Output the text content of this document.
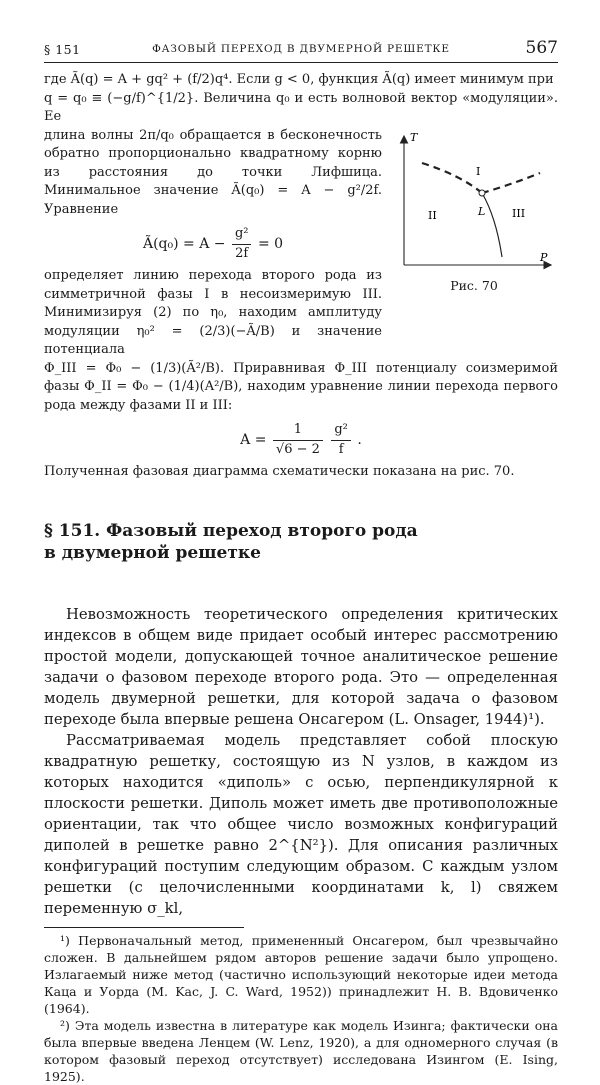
§ 151	ФАЗОВЫЙ ПЕРЕХОД В ДВУМЕРНОЙ РЕШЕТКЕ	567

где Ã(q) = A + gq² + (f/2)q⁴. Если g < 0, функция Ã(q) имеет минимум при

q = q₀ ≡ (−g/f)^{1/2}. Величина q₀ и есть волновой вектор «модуляции». Ее

длина волны 2π/q₀ обращается в бесконечность обратно пропорционально квадратному корню из расстояния до точки Лифшица. Минимальное значение Ã(q₀) = A − g²/2f. Уравнение

Ã(q₀) = $A - \frac{\text{g²}}{2f} = 0$

определяет линию перехода второго рода из симметричной фазы I в несоизмеримую III. Минимизируя (2) по η₀, находим амплитуду модуляции η₀² = (2/3)(−Ã/B) и значение потенциала

T
P
I
II	III
L
Рис. 70

Φ_III = Φ₀ − (1/3)(Ã²/B). Приравнивая Φ_III потенциалу соизмеримой фазы Φ_II = Φ₀ − (1/4)(A²/B), находим уравнение линии перехода первого рода между фазами II и III:

$A = \frac{1}{√6 - 2}$
$\frac{\text{g²}}{f}$ .

Полученная фазовая диаграмма схематически показана на рис. 70.

§ 151. Фазовый переход второго рода
в двумерной решетке

Невозможность теоретического определения критических индексов в общем виде придает особый интерес рассмотрению простой модели, допускающей точное аналитическое решение задачи о фазовом переходе второго рода. Это — определенная модель двумерной решетки, для которой задача о фазовом переходе была впервые решена Онсагером (L. Onsager, 1944)¹).

Рассматриваемая модель представляет собой плоскую квадратную решетку, состоящую из N узлов, в каждом из которых находится «диполь» с осью, перпендикулярной к плоскости решетки. Диполь может иметь две противоположные ориентации, так что общее число возможных конфигураций диполей в решетке равно 2^{N²}). Для описания различных конфигураций поступим следующим образом. С каждым узлом решетки (с целочисленными координатами k, l) свяжем переменную σ_kl,

¹) Первоначальный метод, примененный Онсагером, был чрезвычайно сложен. В дальнейшем рядом авторов решение задачи было упрощено. Излагаемый ниже метод (частично использующий некоторые идеи метода Каца и Уорда (M. Kac, J. C. Ward, 1952)) принадлежит Н. В. Вдовиченко (1964).

²) Эта модель известна в литературе как модель Изинга; фактически она была впервые введена Ленцем (W. Lenz, 1920), а для одномерного случая (в котором фазовый переход отсутствует) исследована Изингом (E. Ising, 1925).
